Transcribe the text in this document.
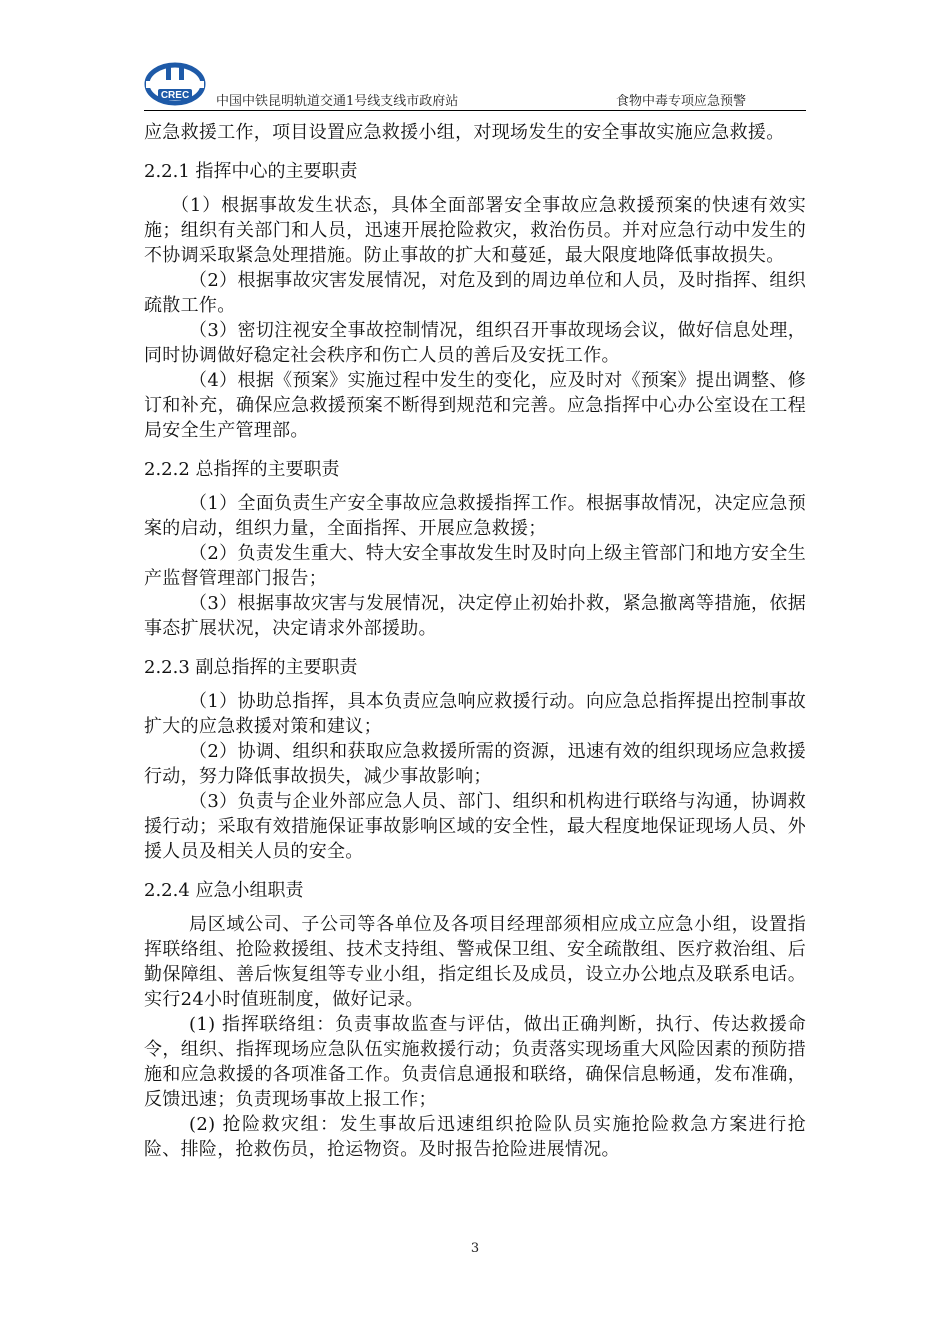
CREC 中国中铁昆明轨道交通1号线支线市政府站	食物中毒专项应急预警

应急救援工作，项目设置应急救援小组，对现场发生的安全事故实施应急救援。

2.2.1 指挥中心的主要职责

（1）根据事故发生状态，具体全面部署安全事故应急救援预案的快速有效实施；组织有关部门和人员，迅速开展抢险救灾，救治伤员。并对应急行动中发生的不协调采取紧急处理措施。防止事故的扩大和蔓延，最大限度地降低事故损失。

（2）根据事故灾害发展情况，对危及到的周边单位和人员，及时指挥、组织疏散工作。

（3）密切注视安全事故控制情况，组织召开事故现场会议，做好信息处理，同时协调做好稳定社会秩序和伤亡人员的善后及安抚工作。

（4）根据《预案》实施过程中发生的变化，应及时对《预案》提出调整、修订和补充，确保应急救援预案不断得到规范和完善。应急指挥中心办公室设在工程局安全生产管理部。

2.2.2 总指挥的主要职责

（1）全面负责生产安全事故应急救援指挥工作。根据事故情况，决定应急预案的启动，组织力量，全面指挥、开展应急救援；

（2）负责发生重大、特大安全事故发生时及时向上级主管部门和地方安全生产监督管理部门报告；

（3）根据事故灾害与发展情况，决定停止初始扑救，紧急撤离等措施，依据事态扩展状况，决定请求外部援助。

2.2.3 副总指挥的主要职责

（1）协助总指挥，具本负责应急响应救援行动。向应急总指挥提出控制事故扩大的应急救援对策和建议；

（2）协调、组织和获取应急救援所需的资源，迅速有效的组织现场应急救援行动，努力降低事故损失，减少事故影响；

（3）负责与企业外部应急人员、部门、组织和机构进行联络与沟通，协调救援行动；采取有效措施保证事故影响区域的安全性，最大程度地保证现场人员、外援人员及相关人员的安全。

2.2.4 应急小组职责

局区域公司、子公司等各单位及各项目经理部须相应成立应急小组，设置指挥联络组、抢险救援组、技术支持组、警戒保卫组、安全疏散组、医疗救治组、后勤保障组、善后恢复组等专业小组，指定组长及成员，设立办公地点及联系电话。实行24小时值班制度，做好记录。

(1) 指挥联络组：负责事故监查与评估，做出正确判断，执行、传达救援命令，组织、指挥现场应急队伍实施救援行动；负责落实现场重大风险因素的预防措施和应急救援的各项准备工作。负责信息通报和联络，确保信息畅通，发布准确，反馈迅速；负责现场事故上报工作；

(2) 抢险救灾组：发生事故后迅速组织抢险队员实施抢险救急方案进行抢险、排险，抢救伤员，抢运物资。及时报告抢险进展情况。

3
